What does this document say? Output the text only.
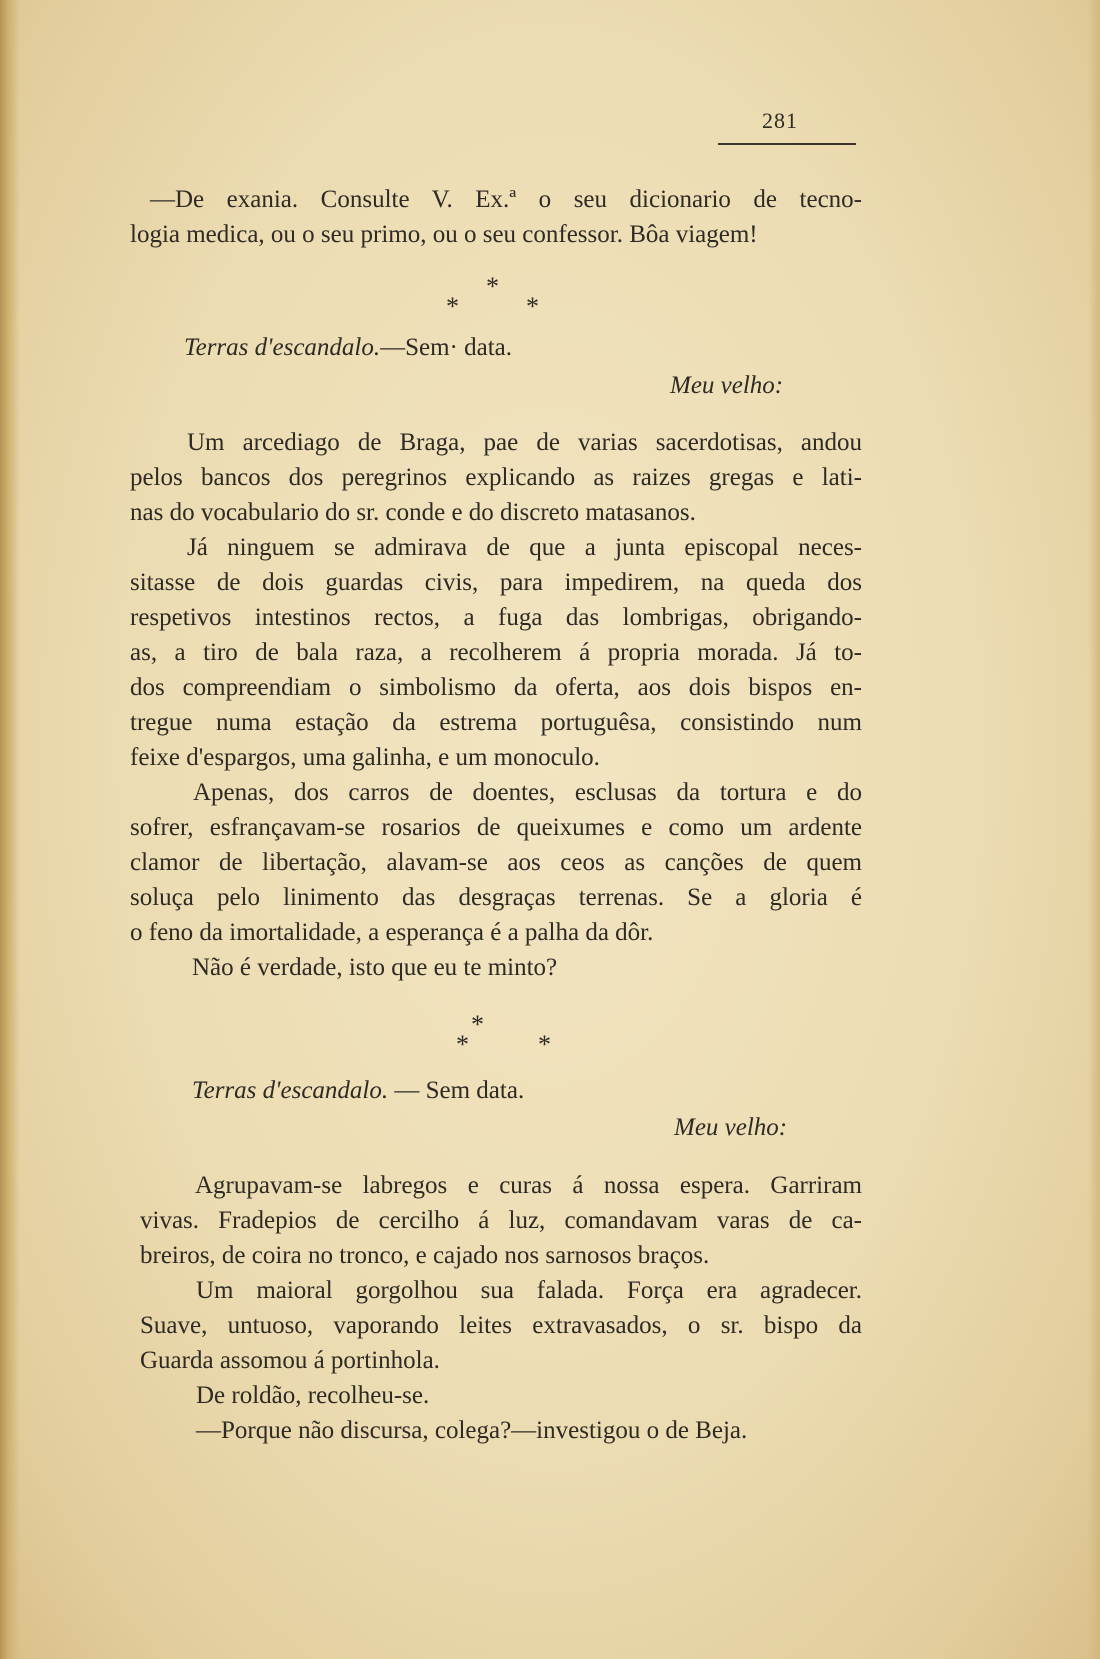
281
—De exania. Consulte V. Ex.ª o seu dicionario de tecno-
logia medica, ou o seu primo, ou o seu confessor. Bôa viagem!
*
*	*
Terras d'escandalo.—Sem· data.
Meu velho:
Um arcediago de Braga, pae de varias sacerdotisas, andou
pelos bancos dos peregrinos explicando as raizes gregas e lati-
nas do vocabulario do sr. conde e do discreto matasanos.
Já ninguem se admirava de que a junta episcopal neces-
sitasse de dois guardas civis, para impedirem, na queda dos
respetivos intestinos rectos, a fuga das lombrigas, obrigando-
as, a tiro de bala raza, a recolherem á propria morada. Já to-
dos compreendiam o simbolismo da oferta, aos dois bispos en-
tregue numa estação da estrema portuguêsa, consistindo num
feixe d'espargos, uma galinha, e um monoculo.
Apenas, dos carros de doentes, esclusas da tortura e do
sofrer, esfrançavam-se rosarios de queixumes e como um ardente
clamor de libertação, alavam-se aos ceos as canções de quem
soluça pelo linimento das desgraças terrenas. Se a gloria é
o feno da imortalidade, a esperança é a palha da dôr.
Não é verdade, isto que eu te minto?
*
*	*
Terras d'escandalo. — Sem data.
Meu velho:
Agrupavam-se labregos e curas á nossa espera. Garriram
vivas. Fradepios de cercilho á luz, comandavam varas de ca-
breiros, de coira no tronco, e cajado nos sarnosos braços.
Um maioral gorgolhou sua falada. Força era agradecer.
Suave, untuoso, vaporando leites extravasados, o sr. bispo da
Guarda assomou á portinhola.
De roldão, recolheu-se.
—Porque não discursa, colega?—investigou o de Beja.
